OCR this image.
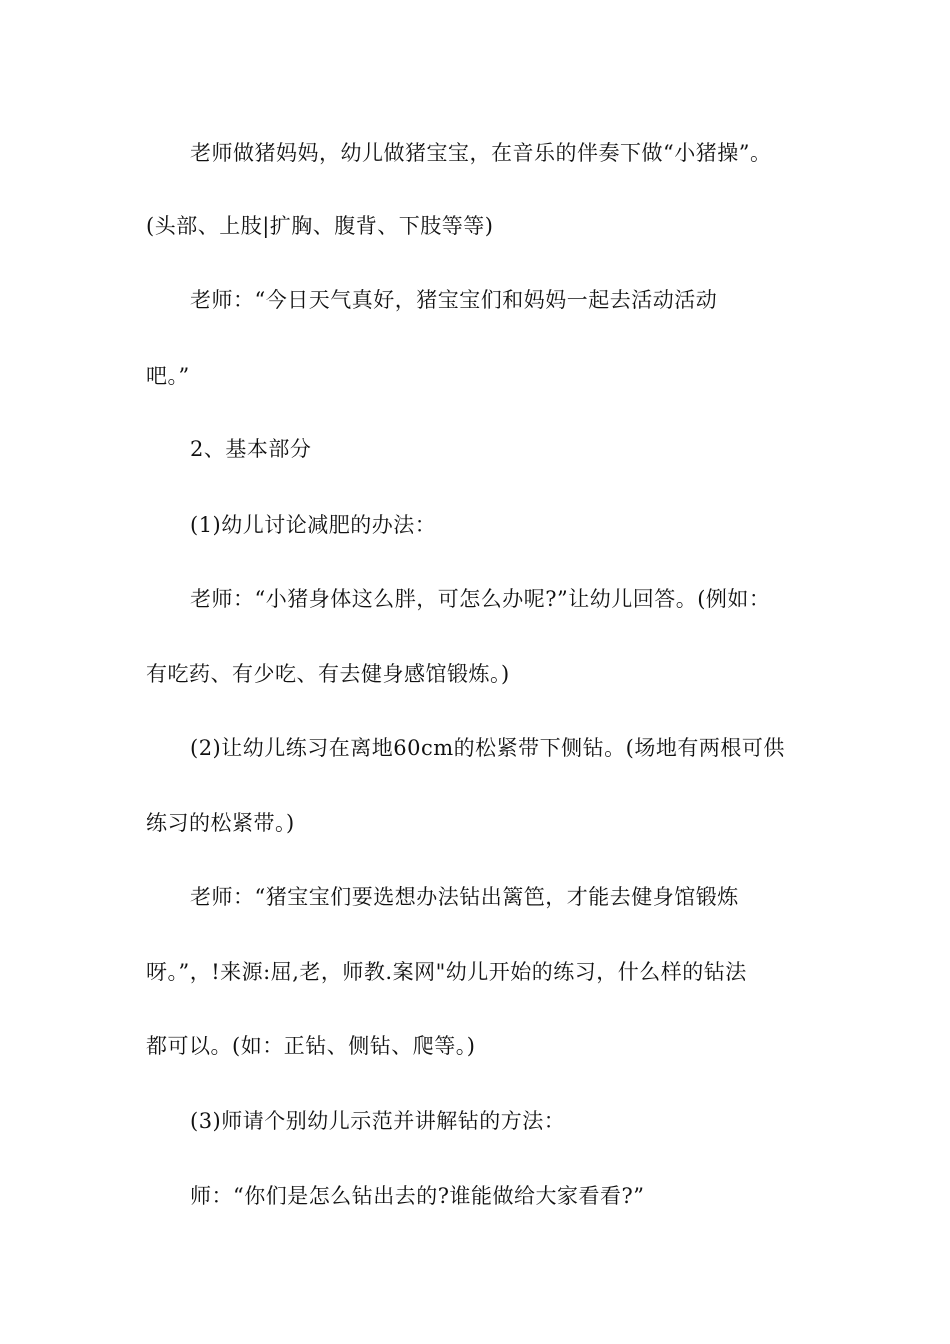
老师做猪妈妈，幼儿做猪宝宝，在音乐的伴奏下做“小猪操”。

(头部、上肢|扩胸、腹背、下肢等等)

老师：“今日天气真好，猪宝宝们和妈妈一起去活动活动

吧。”

2、基本部分

(1)幼儿讨论减肥的办法：

老师：“小猪身体这么胖，可怎么办呢?”让幼儿回答。(例如：

有吃药、有少吃、有去健身感馆锻炼。)

(2)让幼儿练习在离地60cm的松紧带下侧钻。(场地有两根可供

练习的松紧带。)

老师：“猪宝宝们要选想办法钻出篱笆，才能去健身馆锻炼

呀。”，!来源:屈,老，师教.案网"幼儿开始的练习，什么样的钻法

都可以。(如：正钻、侧钻、爬等。)

(3)师请个别幼儿示范并讲解钻的方法：

师：“你们是怎么钻出去的?谁能做给大家看看?”
